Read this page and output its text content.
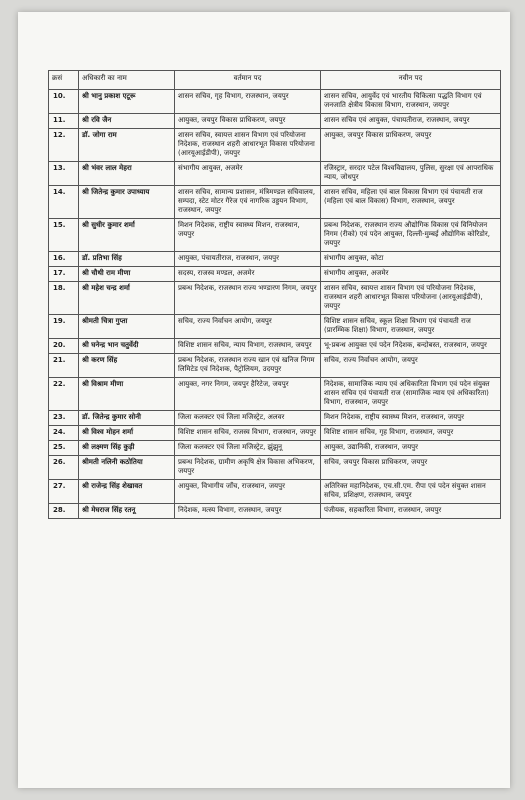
क्रसं	अधिकारी का नाम	वर्तमान पद	नवीन पद
10.	श्री भानु प्रकाश एटूरू	शासन सचिव, गृह विभाग, राजस्थान, जयपुर	शासन सचिव, आयुर्वेद एवं भारतीय चिकित्सा पद्धति विभाग एवं जनजाति क्षेत्रीय विकास विभाग, राजस्थान, जयपुर
11.	श्री रवि जैन	आयुक्त, जयपुर विकास प्राधिकरण, जयपुर	शासन सचिव एवं आयुक्त, पंचायतीराज, राजस्थान, जयपुर
12.	डॉ. जोगा राम	शासन सचिव, स्वायत्त शासन विभाग एवं परियोजना निदेशक, राजस्थान शहरी आधारभूत विकास परियोजना (आरयूआईडीपी), जयपुर	आयुक्त, जयपुर विकास प्राधिकरण, जयपुर
13.	श्री भंवर लाल मेहरा	संभागीय आयुक्त, अजमेर	रजिस्ट्रार, सरदार पटेल विश्वविद्यालय, पुलिस, सुरक्षा एवं आपराधिक न्याय, जोधपुर
14.	श्री जितेन्द्र कुमार उपाध्याय	शासन सचिव, सामान्य प्रशासन, मंत्रिमण्डल सचिवालय, सम्पदा, स्टेट मोटर गैरेज एवं नागरिक उड्डयन विभाग, राजस्थान, जयपुर	शासन सचिव, महिला एवं बाल विकास विभाग एवं पंचायती राज (महिला एवं बाल विकास) विभाग, राजस्थान, जयपुर
15.	श्री सुधीर कुमार शर्मा	मिशन निदेशक, राष्ट्रीय स्वास्थ्य मिशन, राजस्थान, जयपुर	प्रबन्ध निदेशक, राजस्थान राज्य औद्योगिक विकास एवं विनियोजन निगम (रीको) एवं पदेन आयुक्त, दिल्ली-मुम्बई औद्योगिक कोरिडोर, जयपुर
16.	डॉ. प्रतिभा सिंह	आयुक्त, पंचायतीराज, राजस्थान, जयपुर	संभागीय आयुक्त, कोटा
17.	श्री चौथी राम मीणा	सदस्य, राजस्व मण्डल, अजमेर	संभागीय आयुक्त, अजमेर
18.	श्री महेश चन्द्र शर्मा	प्रबन्ध निदेशक, राजस्थान राज्य भण्डारण निगम, जयपुर	शासन सचिव, स्वायत्त शासन विभाग एवं परियोजना निदेशक, राजस्थान शहरी आधारभूत विकास परियोजना (आरयूआईडीपी), जयपुर
19.	श्रीमती चित्रा गुप्ता	सचिव, राज्य निर्वाचन आयोग, जयपुर	विशिष्ट शासन सचिव, स्कूल शिक्षा विभाग एवं पंचायती राज (प्रारम्भिक शिक्षा) विभाग, राजस्थान, जयपुर
20.	श्री घनेन्द्र भान चतुर्वेदी	विशिष्ट शासन सचिव, न्याय विभाग, राजस्थान, जयपुर	भू-प्रबन्ध आयुक्त एवं पदेन निदेशक, बन्दोबस्त, राजस्थान, जयपुर
21.	श्री करण सिंह	प्रबन्ध निदेशक, राजस्थान राज्य खान एवं खनिज निगम लिमिटेड एवं निदेशक, पैट्रोलियम, उदयपुर	सचिव, राज्य निर्वाचन आयोग, जयपुर
22.	श्री विश्राम मीणा	आयुक्त, नगर निगम, जयपुर हैरिटेज, जयपुर	निदेशक, सामाजिक न्याय एवं अधिकारिता विभाग एवं पदेन संयुक्त शासन सचिव एवं पंचायती राज (सामाजिक न्याय एवं अधिकारिता) विभाग, राजस्थान, जयपुर
23.	डॉ. जितेन्द्र कुमार सोनी	जिला कलक्टर एवं जिला मजिस्ट्रेट, अलवर	मिशन निदेशक, राष्ट्रीय स्वास्थ्य मिशन, राजस्थान, जयपुर
24.	श्री विश्व मोहन शर्मा	विशिष्ट शासन सचिव, राजस्व विभाग, राजस्थान, जयपुर	विशिष्ट शासन सचिव, गृह विभाग, राजस्थान, जयपुर
25.	श्री लक्ष्मण सिंह कुड़ी	जिला कलक्टर एवं जिला मजिस्ट्रेट, झुंझुनू	आयुक्त, उद्यानिकी, राजस्थान, जयपुर
26.	श्रीमती नलिनी कठोतिया	प्रबन्ध निदेशक, ग्रामीण अकृषि क्षेत्र विकास अभिकरण, जयपुर	सचिव, जयपुर विकास प्राधिकरण, जयपुर
27.	श्री राजेन्द्र सिंह शेखावत	आयुक्त, विभागीय जाँच, राजस्थान, जयपुर	अतिरिक्त महानिदेशक, एच.सी.एम. रीपा एवं पदेन संयुक्त शासन सचिव, प्रशिक्षण, राजस्थान, जयपुर
28.	श्री मेघराज सिंह रतनू	निदेशक, मत्स्य विभाग, राजस्थान, जयपुर	पंजीयक, सहकारिता विभाग, राजस्थान, जयपुर
